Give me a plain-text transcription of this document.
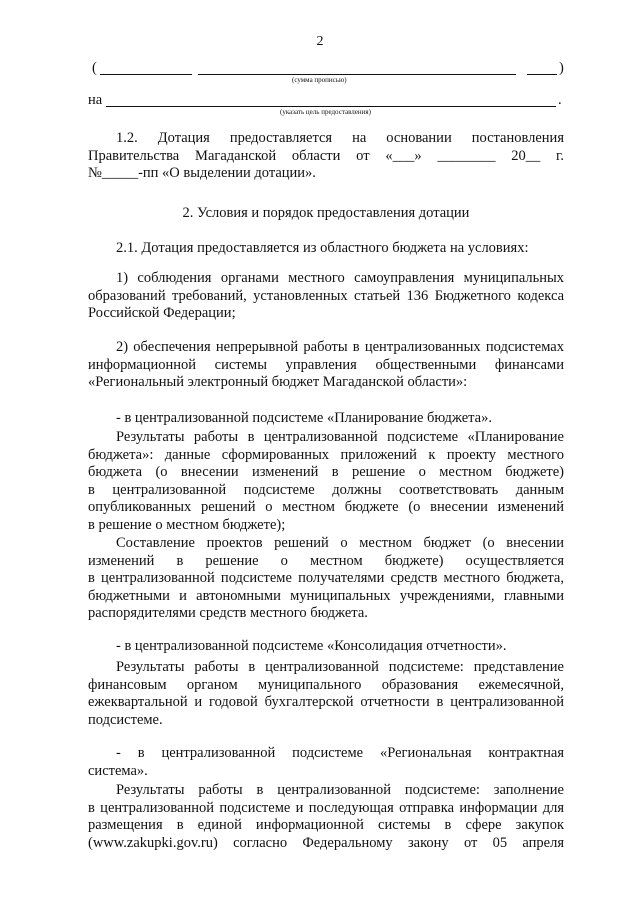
2
(	)
(сумма прописью)
на	.
(указать цель предоставления)
1.2. Дотация предоставляется на основании постановления
Правительства Магаданской области от «___» ________ 20__ г.
№_____-пп «О выделении дотации».
2. Условия и порядок предоставления дотации
2.1. Дотация предоставляется из областного бюджета на условиях:
1) соблюдения органами местного самоуправления муниципальных
образований требований, установленных статьей 136 Бюджетного кодекса
Российской Федерации;
2) обеспечения непрерывной работы в централизованных подсистемах
информационной системы управления общественными финансами
«Региональный электронный бюджет Магаданской области»:
- в централизованной подсистеме «Планирование бюджета».
Результаты работы в централизованной подсистеме «Планирование
бюджета»: данные сформированных приложений к проекту местного
бюджета (о внесении изменений в решение о местном бюджете)
в централизованной подсистеме должны соответствовать данным
опубликованных решений о местном бюджете (о внесении изменений
в решение о местном бюджете);
Составление проектов решений о местном бюджет (о внесении
изменений в решение о местном бюджете) осуществляется
в централизованной подсистеме получателями средств местного бюджета,
бюджетными и автономными муниципальных учреждениями, главными
распорядителями средств местного бюджета.
- в централизованной подсистеме «Консолидация отчетности».
Результаты работы в централизованной подсистеме: представление
финансовым органом муниципального образования ежемесячной,
ежеквартальной и годовой бухгалтерской отчетности в централизованной
подсистеме.
- в централизованной подсистеме «Региональная контрактная
система».
Результаты работы в централизованной подсистеме: заполнение
в централизованной подсистеме и последующая отправка информации для
размещения в единой информационной системы в сфере закупок
(www.zakupki.gov.ru) согласно Федеральному закону от 05 апреля
